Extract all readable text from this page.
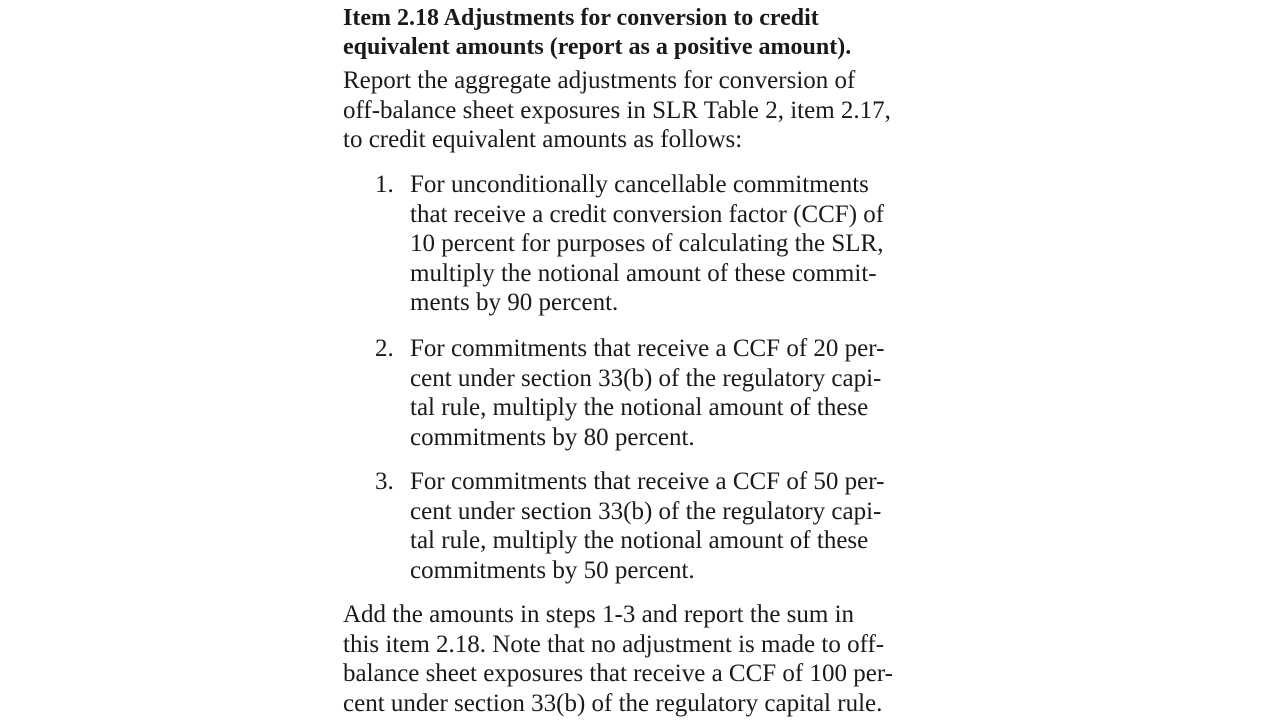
Item 2.18 Adjustments for conversion to credit

equivalent amounts (report as a positive amount).

Report the aggregate adjustments for conversion of

off-balance sheet exposures in SLR Table 2, item 2.17,

to credit equivalent amounts as follows:

1. For unconditionally cancellable commitments

that receive a credit conversion factor (CCF) of

10 percent for purposes of calculating the SLR,

multiply the notional amount of these commit-

ments by 90 percent.

2. For commitments that receive a CCF of 20 per-

cent under section 33(b) of the regulatory capi-

tal rule, multiply the notional amount of these

commitments by 80 percent.

3. For commitments that receive a CCF of 50 per-

cent under section 33(b) of the regulatory capi-

tal rule, multiply the notional amount of these

commitments by 50 percent.

Add the amounts in steps 1-3 and report the sum in

this item 2.18. Note that no adjustment is made to off-

balance sheet exposures that receive a CCF of 100 per-

cent under section 33(b) of the regulatory capital rule.
